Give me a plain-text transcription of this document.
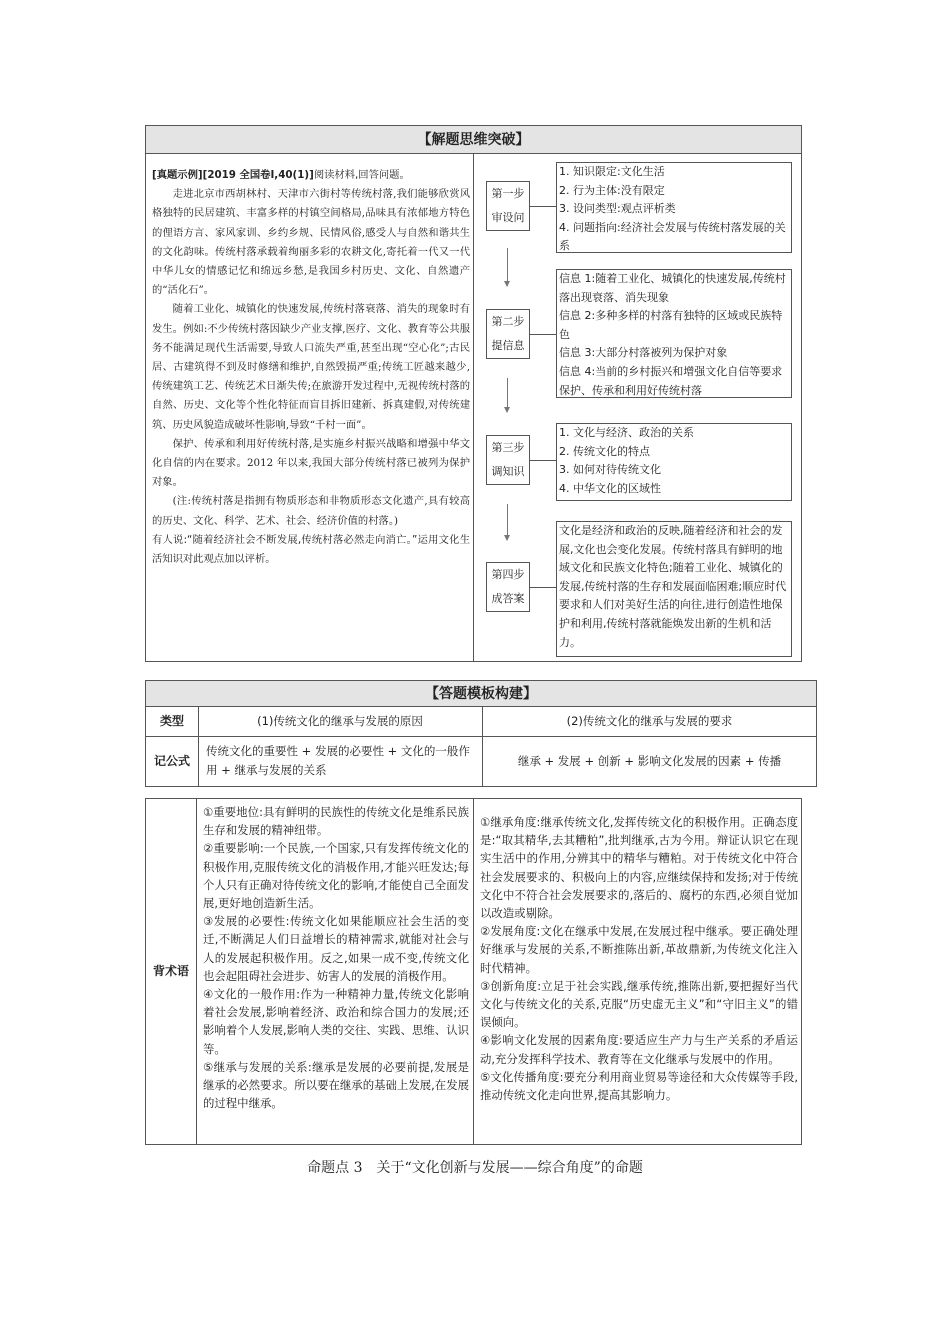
【解题思维突破】

[真题示例][2019 全国卷Ⅰ,40(1)]阅读材料,回答问题。

走进北京市西胡林村、天津市六街村等传统村落,我们能够欣赏风格独特的民居建筑、丰富多样的村镇空间格局,品味具有浓郁地方特色的俚语方言、家风家训、乡约乡规、民情风俗,感受人与自然和谐共生的文化韵味。传统村落承载着绚丽多彩的农耕文化,寄托着一代又一代中华儿女的情感记忆和绵远乡愁,是我国乡村历史、文化、自然遗产的“活化石”。

随着工业化、城镇化的快速发展,传统村落衰落、消失的现象时有发生。例如:不少传统村落因缺少产业支撑,医疗、文化、教育等公共服务不能满足现代生活需要,导致人口流失严重,甚至出现“空心化”;古民居、古建筑得不到及时修缮和维护,自然毁损严重;传统工匠越来越少,传统建筑工艺、传统艺术日渐失传;在旅游开发过程中,无视传统村落的自然、历史、文化等个性化特征而盲目拆旧建新、拆真建假,对传统建筑、历史风貌造成破坏性影响,导致“千村一面”。

保护、传承和利用好传统村落,是实施乡村振兴战略和增强中华文化自信的内在要求。2012 年以来,我国大部分传统村落已被列为保护对象。

(注:传统村落是指拥有物质形态和非物质形态文化遗产,具有较高的历史、文化、科学、艺术、社会、经济价值的村落。)

有人说:“随着经济社会不断发展,传统村落必然走向消亡。”运用文化生活知识对此观点加以评析。

第一步
审设问
1. 知识限定:文化生活
2. 行为主体:没有限定
3. 设问类型:观点评析类
4. 问题指向:经济社会发展与传统村落发展的关系
第二步
提信息
信息 1:随着工业化、城镇化的快速发展,传统村落出现衰落、消失现象
信息 2:多种多样的村落有独特的区域或民族特色
信息 3:大部分村落被列为保护对象
信息 4:当前的乡村振兴和增强文化自信等要求保护、传承和利用好传统村落
第三步
调知识
1. 文化与经济、政治的关系
2. 传统文化的特点
3. 如何对待传统文化
4. 中华文化的区域性
第四步
成答案
文化是经济和政治的反映,随着经济和社会的发展,文化也会变化发展。传统村落具有鲜明的地域文化和民族文化特色;随着工业化、城镇化的发展,传统村落的生存和发展面临困难;顺应时代要求和人们对美好生活的向往,进行创造性地保护和利用,传统村落就能焕发出新的生机和活力。
【答题模板构建】
类型	(1)传统文化的继承与发展的原因	(2)传统文化的继承与发展的要求
记公式
传统文化的重要性 + 发展的必要性 + 文化的一般作用 + 继承与发展的关系
继承 + 发展 + 创新 + 影响文化发展的因素 + 传播
背术语
①重要地位:具有鲜明的民族性的传统文化是维系民族生存和发展的精神纽带。
②重要影响:一个民族,一个国家,只有发挥传统文化的积极作用,克服传统文化的消极作用,才能兴旺发达;每个人只有正确对待传统文化的影响,才能使自己全面发展,更好地创造新生活。
③发展的必要性:传统文化如果能顺应社会生活的变迁,不断满足人们日益增长的精神需求,就能对社会与人的发展起积极作用。反之,如果一成不变,传统文化也会起阻碍社会进步、妨害人的发展的消极作用。
④文化的一般作用:作为一种精神力量,传统文化影响着社会发展,影响着经济、政治和综合国力的发展;还影响着个人发展,影响人类的交往、实践、思维、认识等。
⑤继承与发展的关系:继承是发展的必要前提,发展是继承的必然要求。所以要在继承的基础上发展,在发展的过程中继承。
①继承角度:继承传统文化,发挥传统文化的积极作用。正确态度是:“取其精华,去其糟粕”,批判继承,古为今用。辩证认识它在现实生活中的作用,分辨其中的精华与糟粕。对于传统文化中符合社会发展要求的、积极向上的内容,应继续保持和发扬;对于传统文化中不符合社会发展要求的,落后的、腐朽的东西,必须自觉加以改造或剔除。
②发展角度:文化在继承中发展,在发展过程中继承。要正确处理好继承与发展的关系,不断推陈出新,革故鼎新,为传统文化注入时代精神。
③创新角度:立足于社会实践,继承传统,推陈出新,要把握好当代文化与传统文化的关系,克服“历史虚无主义”和“守旧主义”的错误倾向。
④影响文化发展的因素角度:要适应生产力与生产关系的矛盾运动,充分发挥科学技术、教育等在文化继承与发展中的作用。
⑤文化传播角度:要充分利用商业贸易等途径和大众传媒等手段,推动传统文化走向世界,提高其影响力。
命题点 3　关于“文化创新与发展——综合角度”的命题
